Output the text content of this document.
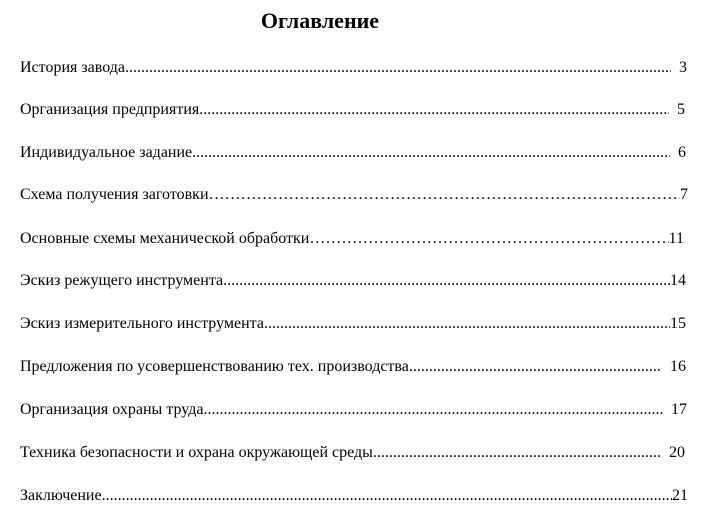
Оглавление
История завода .....	3
Организация предприятия .....	5
Индивидуальное задание .....	6
Схема получения заготовки ………………………………………………………………………………………………………………………………………………………………………………	7
Основные схемы механической обработки ………………………………………………………………………………………………………………………………………………………………………………	11
Эскиз режущего инструмента .....	14
Эскиз измерительного инструмента .....	15
Предложения по усовершенствованию тех. производства .....	16
Организация охраны труда .....	17
Техника безопасности и охрана окружающей среды .....	20
Заключение .....	21
